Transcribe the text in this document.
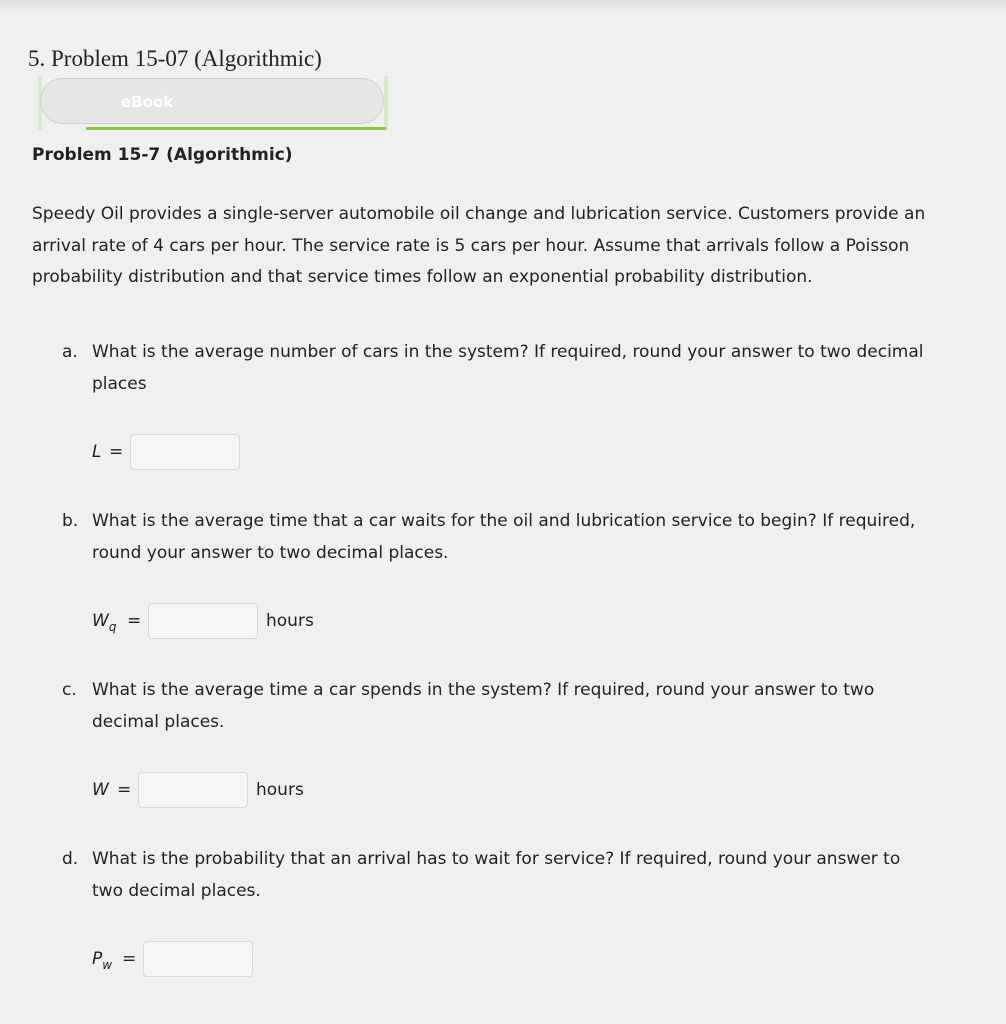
5. Problem 15-07 (Algorithmic)
eBook
Problem 15-7 (Algorithmic)
Speedy Oil provides a single-server automobile oil change and lubrication service. Customers provide an
arrival rate of 4 cars per hour. The service rate is 5 cars per hour. Assume that arrivals follow a Poisson
probability distribution and that service times follow an exponential probability distribution.
a. What is the average number of cars in the system? If required, round your answer to two decimal
places
L =
b. What is the average time that a car waits for the oil and lubrication service to begin? If required,
round your answer to two decimal places.
$W_q$ =	hours
c. What is the average time a car spends in the system? If required, round your answer to two
decimal places.
W =	hours
d. What is the probability that an arrival has to wait for service? If required, round your answer to
two decimal places.
$P_w$ =
